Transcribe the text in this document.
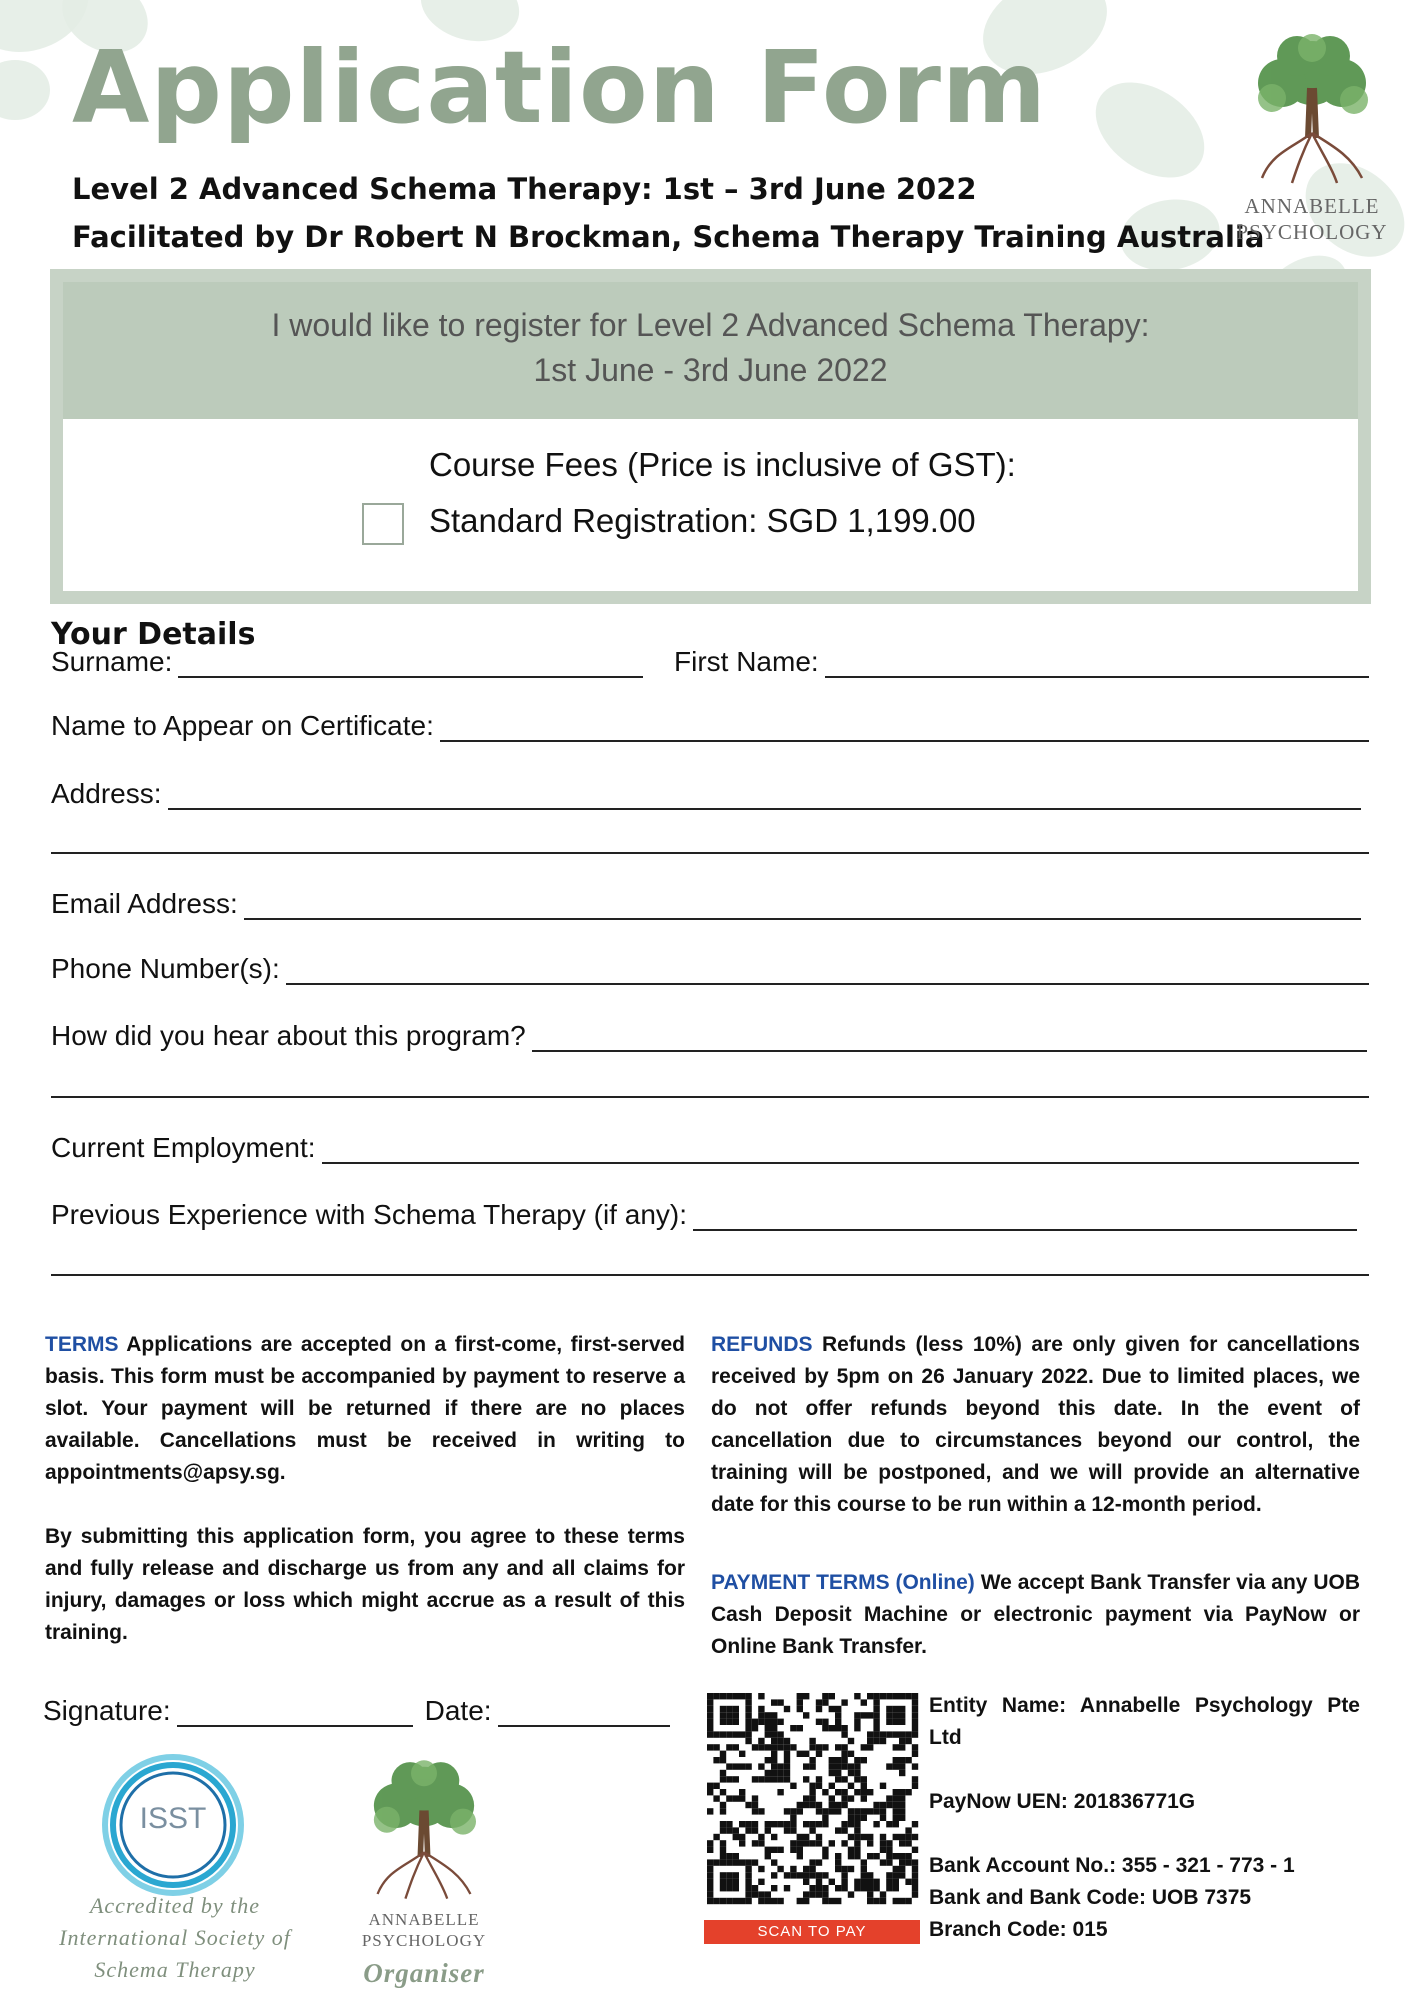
Application Form
Level 2 Advanced Schema Therapy: 1st – 3rd June 2022
Facilitated by Dr Robert N Brockman, Schema Therapy Training Australia
ANNABELLE
PSYCHOLOGY
I would like to register for Level 2 Advanced Schema Therapy:
1st June - 3rd June 2022
Course Fees (Price is inclusive of GST):
Standard Registration: SGD 1,199.00
Your Details
Surname:	First Name:
Name to Appear on Certificate:
Address:
Email Address:
Phone Number(s):
How did you hear about this program?
Current Employment:
Previous Experience with Schema Therapy (if any):
TERMS Applications are accepted on a first-come, first-served basis. This form must be accompanied by payment to reserve a slot. Your payment will be returned if there are no places available. Cancellations must be received in writing to appointments@apsy.sg.
By submitting this application form, you agree to these terms and fully release and discharge us from any and all claims for injury, damages or loss which might accrue as a result of this training.
REFUNDS Refunds (less 10%) are only given for cancellations received by 5pm on 26 January 2022. Due to limited places, we do not offer refunds beyond this date. In the event of cancellation due to circumstances beyond our control, the training will be postponed, and we will provide an alternative date for this course to be run within a 12-month period.
PAYMENT TERMS (Online) We accept Bank Transfer via any UOB Cash Deposit Machine or electronic payment via PayNow or Online Bank Transfer.
Signature:	Date:
SCAN TO PAY

Entity Name: Annabelle Psychology Pte Ltd

PayNow UEN: 201836771G

Bank Account No.: 355 - 321 - 773 - 1

Bank and Bank Code: UOB 7375

Branch Code: 015

ISST
Accredited by the
International Society of
Schema Therapy
ANNABELLE
PSYCHOLOGY
Organiser
